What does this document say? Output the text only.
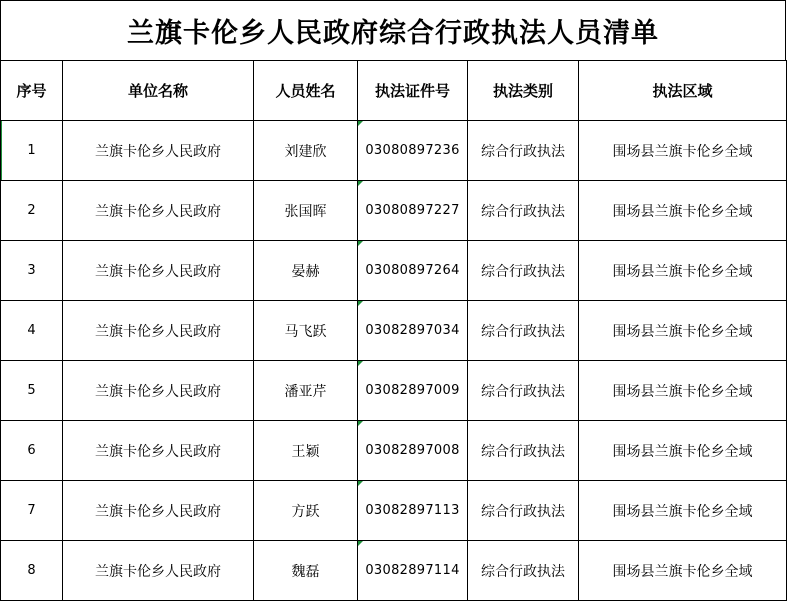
兰旗卡伦乡人民政府综合行政执法人员清单
序号	单位名称	人员姓名	执法证件号	执法类别	执法区域

1	兰旗卡伦乡人民政府	刘建欣	03080897236	综合行政执法	围场县兰旗卡伦乡全域
2	兰旗卡伦乡人民政府	张国晖	03080897227	综合行政执法	围场县兰旗卡伦乡全域
3	兰旗卡伦乡人民政府	晏赫	03080897264	综合行政执法	围场县兰旗卡伦乡全域
4	兰旗卡伦乡人民政府	马飞跃	03082897034	综合行政执法	围场县兰旗卡伦乡全域
5	兰旗卡伦乡人民政府	潘亚芹	03082897009	综合行政执法	围场县兰旗卡伦乡全域
6	兰旗卡伦乡人民政府	王颖	03082897008	综合行政执法	围场县兰旗卡伦乡全域
7	兰旗卡伦乡人民政府	方跃	03082897113	综合行政执法	围场县兰旗卡伦乡全域
8	兰旗卡伦乡人民政府	魏磊	03082897114	综合行政执法	围场县兰旗卡伦乡全域
